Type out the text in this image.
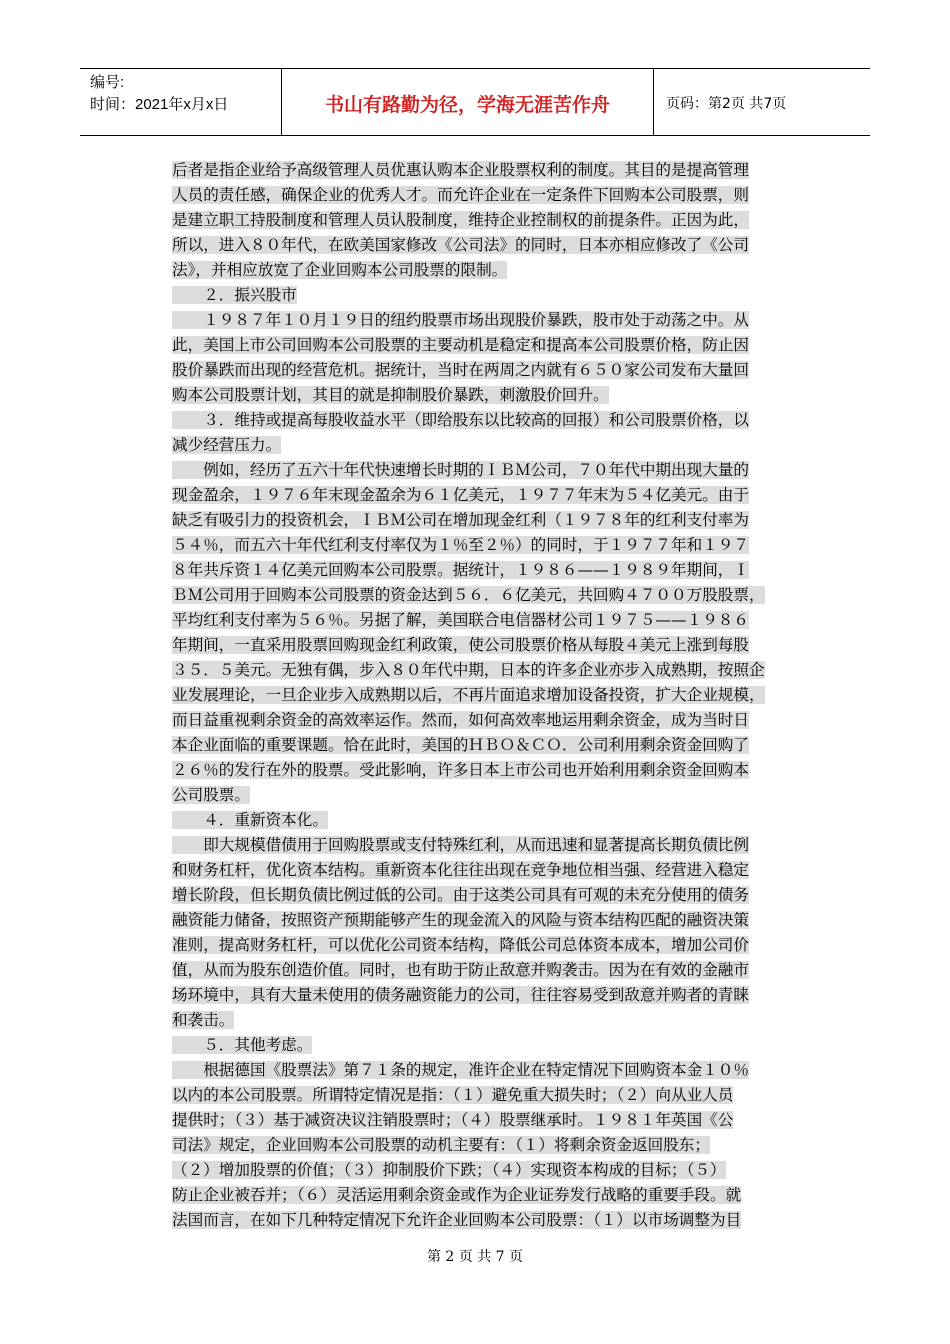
编号:
时间：2021年x月x日	书山有路勤为径，学海无涯苦作舟	页码：第2页 共7页
后者是指企业给予高级管理人员优惠认购本企业股票权利的制度。其目的是提高管理
人员的责任感，确保企业的优秀人才。而允许企业在一定条件下回购本公司股票，则
是建立职工持股制度和管理人员认股制度，维持企业控制权的前提条件。正因为此，
所以，进入８０年代，在欧美国家修改《公司法》的同时，日本亦相应修改了《公司
法》，并相应放宽了企业回购本公司股票的限制。
　　２．振兴股市
　　１９８７年１０月１９日的纽约股票市场出现股价暴跌，股市处于动荡之中。从
此，美国上市公司回购本公司股票的主要动机是稳定和提高本公司股票价格，防止因
股价暴跌而出现的经营危机。据统计，当时在两周之内就有６５０家公司发布大量回
购本公司股票计划，其目的就是抑制股价暴跌，刺激股价回升。
　　３．维持或提高每股收益水平（即给股东以比较高的回报）和公司股票价格，以
减少经营压力。
　　例如，经历了五六十年代快速增长时期的ＩＢＭ公司，７０年代中期出现大量的
现金盈余，１９７６年末现金盈余为６１亿美元，１９７７年末为５４亿美元。由于
缺乏有吸引力的投资机会，ＩＢＭ公司在增加现金红利（１９７８年的红利支付率为
５４％，而五六十年代红利支付率仅为１％至２％）的同时，于１９７７年和１９７
８年共斥资１４亿美元回购本公司股票。据统计，１９８６——１９８９年期间，Ｉ
ＢＭ公司用于回购本公司股票的资金达到５６．６亿美元，共回购４７００万股股票，
平均红利支付率为５６％。另据了解，美国联合电信器材公司１９７５——１９８６
年期间，一直采用股票回购现金红利政策，使公司股票价格从每股４美元上涨到每股
３５．５美元。无独有偶，步入８０年代中期，日本的许多企业亦步入成熟期，按照企
业发展理论，一旦企业步入成熟期以后，不再片面追求增加设备投资，扩大企业规模，
而日益重视剩余资金的高效率运作。然而，如何高效率地运用剩余资金，成为当时日
本企业面临的重要课题。恰在此时，美国的ＨＢＯ＆ＣＯ．公司利用剩余资金回购了
２６％的发行在外的股票。受此影响，许多日本上市公司也开始利用剩余资金回购本
公司股票。
　　４．重新资本化。
　　即大规模借债用于回购股票或支付特殊红利，从而迅速和显著提高长期负债比例
和财务杠杆，优化资本结构。重新资本化往往出现在竞争地位相当强、经营进入稳定
增长阶段，但长期负债比例过低的公司。由于这类公司具有可观的未充分使用的债务
融资能力储备，按照资产预期能够产生的现金流入的风险与资本结构匹配的融资决策
准则，提高财务杠杆，可以优化公司资本结构，降低公司总体资本成本，增加公司价
值，从而为股东创造价值。同时，也有助于防止敌意并购袭击。因为在有效的金融市
场环境中，具有大量未使用的债务融资能力的公司，往往容易受到敌意并购者的青睐
和袭击。
　　５．其他考虑。
　　根据德国《股票法》第７１条的规定，准许企业在特定情况下回购资本金１０％
以内的本公司股票。所谓特定情况是指：（１）避免重大损失时；（２）向从业人员
提供时；（３）基于减资决议注销股票时；（４）股票继承时。１９８１年英国《公
司法》规定，企业回购本公司股票的动机主要有：（１）将剩余资金返回股东；
（２）增加股票的价值；（３）抑制股价下跌；（４）实现资本构成的目标；（５）
防止企业被吞并；（６）灵活运用剩余资金或作为企业证券发行战略的重要手段。就
法国而言，在如下几种特定情况下允许企业回购本公司股票：（１）以市场调整为目
第 2 页 共 7 页
